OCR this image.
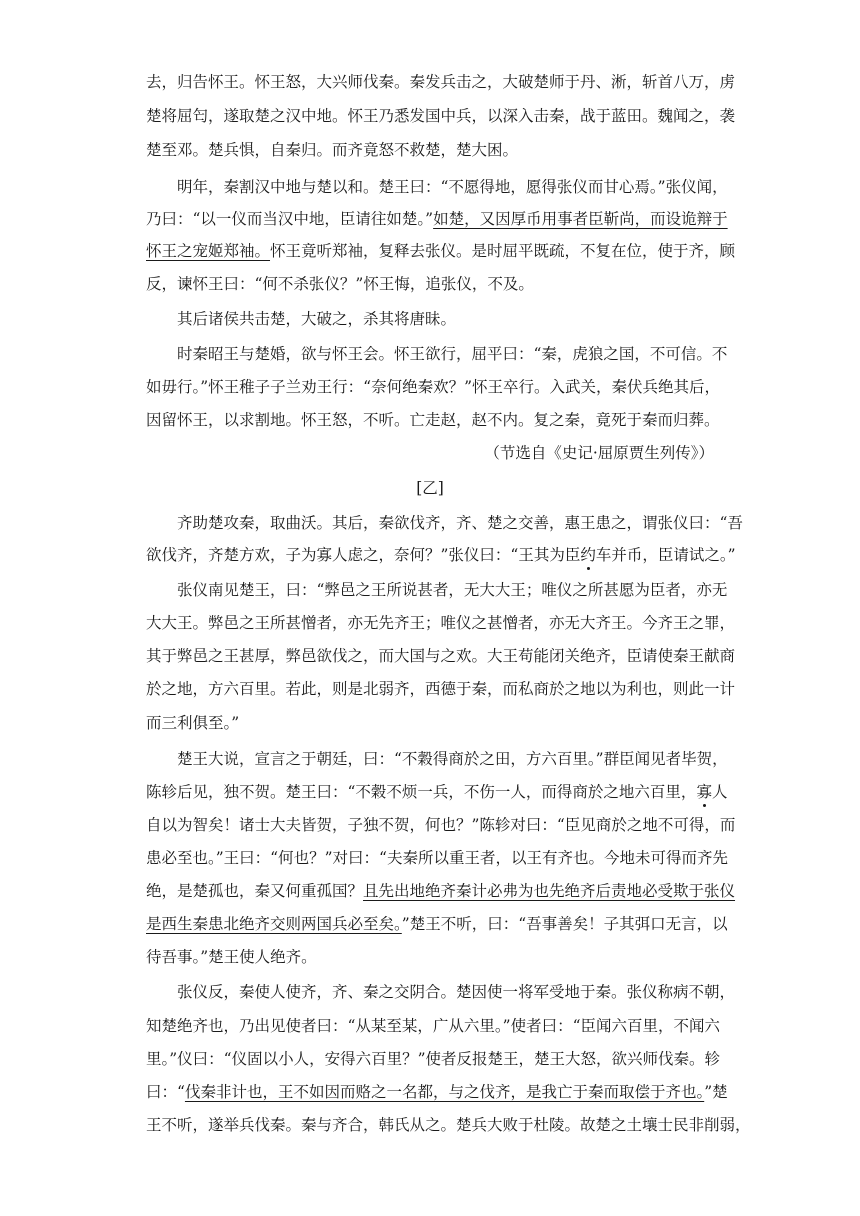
去，归告怀王。怀王怒，大兴师伐秦。秦发兵击之，大破楚师于丹、淅，斩首八万，虏
楚将屈匄，遂取楚之汉中地。怀王乃悉发国中兵，以深入击秦，战于蓝田。魏闻之，袭
楚至邓。楚兵惧，自秦归。而齐竟怒不救楚，楚大困。
明年，秦割汉中地与楚以和。楚王曰：“不愿得地，愿得张仪而甘心焉。”张仪闻，
乃曰：“以一仪而当汉中地，臣请往如楚。”如楚，又因厚币用事者臣靳尚，而设诡辩于
怀王之宠姬郑袖。怀王竟听郑袖，复释去张仪。是时屈平既疏，不复在位，使于齐，顾
反，谏怀王曰：“何不杀张仪？”怀王悔，追张仪，不及。
其后诸侯共击楚，大破之，杀其将唐昧。
时秦昭王与楚婚，欲与怀王会。怀王欲行，屈平曰：“秦，虎狼之国，不可信。不
如毋行。”怀王稚子子兰劝王行：“奈何绝秦欢？”怀王卒行。入武关，秦伏兵绝其后，
因留怀王，以求割地。怀王怒，不听。亡走赵，赵不内。复之秦，竟死于秦而归葬。
（节选自《史记·屈原贾生列传》）
[乙]
齐助楚攻秦，取曲沃。其后，秦欲伐齐，齐、楚之交善，惠王患之，谓张仪曰：“吾
欲伐齐，齐楚方欢，子为寡人虑之，奈何？”张仪曰：“王其为臣约车并币，臣请试之。”
张仪南见楚王，曰：“弊邑之王所说甚者，无大大王；唯仪之所甚愿为臣者，亦无
大大王。弊邑之王所甚憎者，亦无先齐王；唯仪之甚憎者，亦无大齐王。今齐王之罪，
其于弊邑之王甚厚，弊邑欲伐之，而大国与之欢。大王苟能闭关绝齐，臣请使秦王献商
於之地，方六百里。若此，则是北弱齐，西德于秦，而私商於之地以为利也，则此一计
而三利俱至。”
楚王大说，宣言之于朝廷，曰：“不穀得商於之田，方六百里。”群臣闻见者毕贺，
陈轸后见，独不贺。楚王曰：“不穀不烦一兵，不伤一人，而得商於之地六百里，寡人
自以为智矣！诸士大夫皆贺，子独不贺，何也？”陈轸对曰：“臣见商於之地不可得，而
患必至也。”王曰：“何也？”对曰：“夫秦所以重王者，以王有齐也。今地未可得而齐先
绝，是楚孤也，秦又何重孤国？且先出地绝齐秦计必弗为也先绝齐后责地必受欺于张仪
是西生秦患北绝齐交则两国兵必至矣。”楚王不听，曰：“吾事善矣！子其弭口无言，以
待吾事。”楚王使人绝齐。
张仪反，秦使人使齐，齐、秦之交阴合。楚因使一将军受地于秦。张仪称病不朝，
知楚绝齐也，乃出见使者曰：“从某至某，广从六里。”使者曰：“臣闻六百里，不闻六
里。”仪曰：“仪固以小人，安得六百里？”使者反报楚王，楚王大怒，欲兴师伐秦。轸
曰：“伐秦非计也，王不如因而赂之一名都，与之伐齐，是我亡于秦而取偿于齐也。”楚
王不听，遂举兵伐秦。秦与齐合，韩氏从之。楚兵大败于杜陵。故楚之土壤士民非削弱，
